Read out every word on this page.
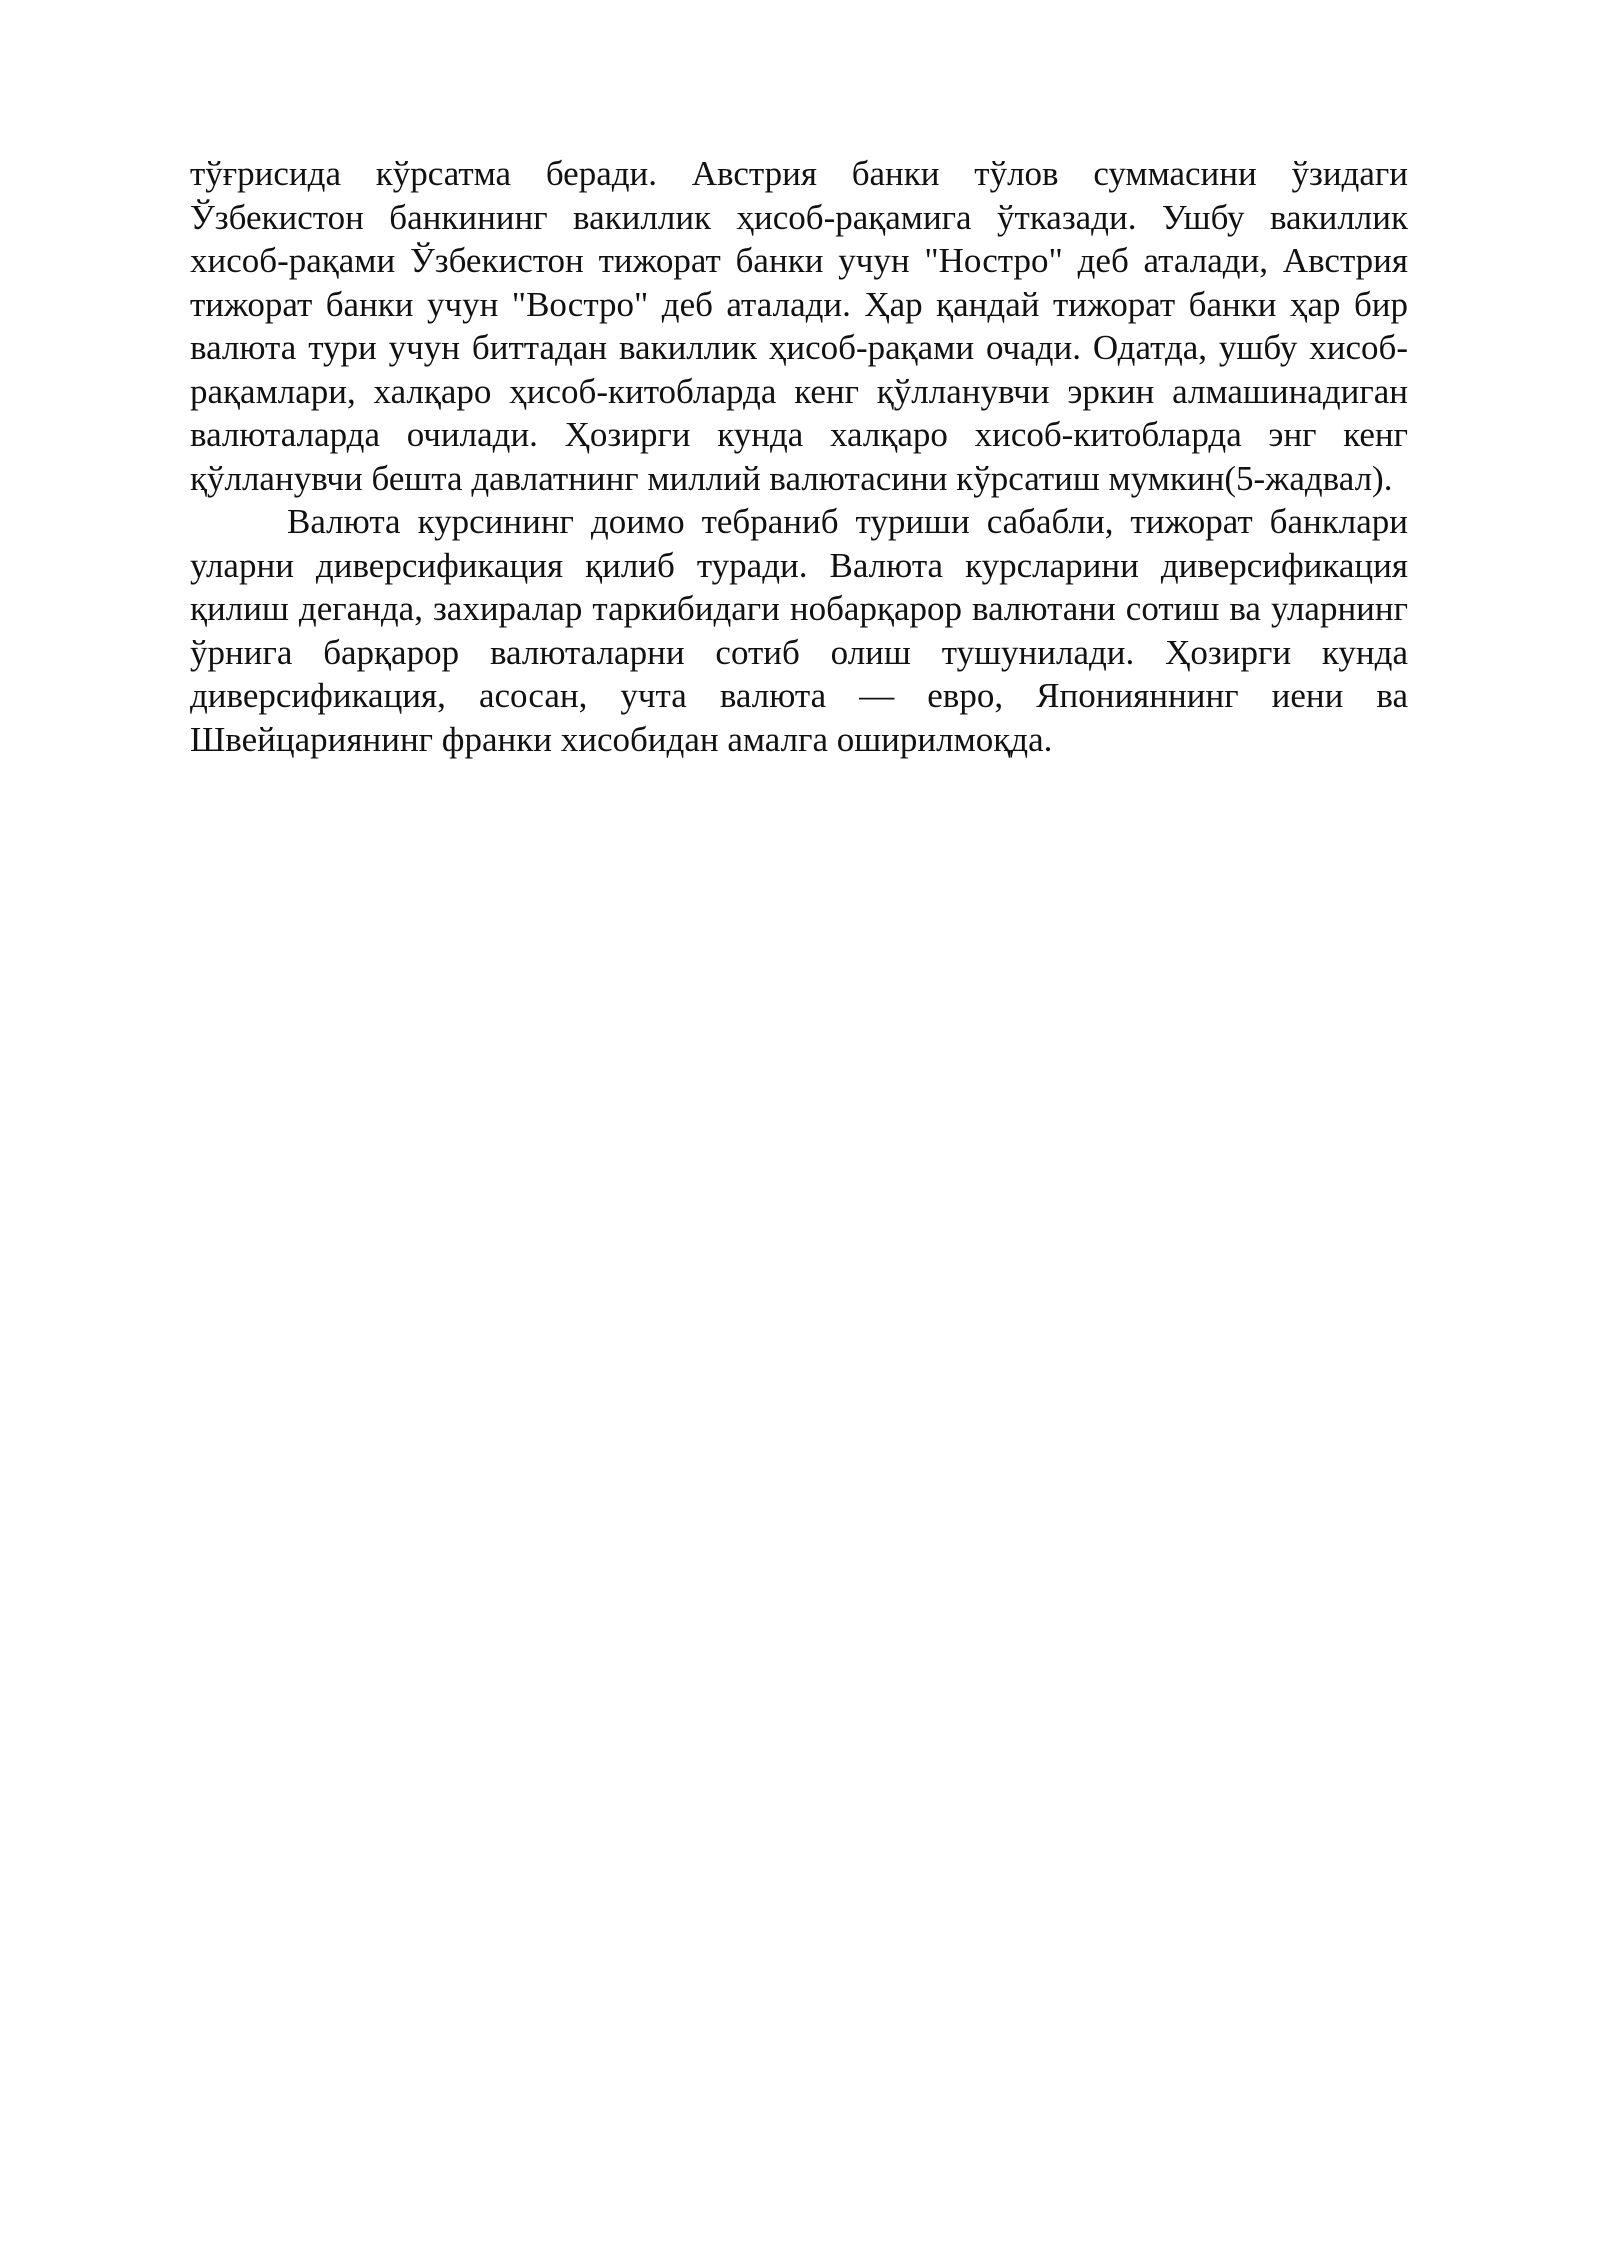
тўғрисида кўрсатма беради. Австрия банки тўлов суммасини ўзидаги Ўзбекистон банкининг вакиллик ҳисоб-рақамига ўтказади. Ушбу вакиллик хисоб-рақами Ўзбекистон тижорат банки учун "Ностро" деб аталади, Австрия тижорат банки учун "Востро" деб аталади. Ҳар қандай тижорат банки ҳар бир валюта тури учун биттадан вакиллик ҳисоб-рақами очади. Одатда, ушбу хисоб-рақамлари, халқаро ҳисоб-китобларда кенг қўлланувчи эркин алмашинадиган валюталарда очилади. Ҳозирги кунда халқаро хисоб-китобларда энг кенг қўлланувчи бешта давлатнинг миллий валютасини кўрсатиш мумкин(5-жадвал).

Валюта курсининг доимо тебраниб туриши сабабли, тижорат банклари уларни диверсификация қилиб туради. Валюта курсларини диверсификация қилиш деганда, захиралар таркибидаги нобарқарор валютани сотиш ва уларнинг ўрнига барқарор валюталарни сотиб олиш тушунилади. Ҳозирги кунда диверсификация, асосан, учта валюта — евро, Японияннинг иени ва Швейцариянинг франки хисобидан амалга оширилмоқда.
